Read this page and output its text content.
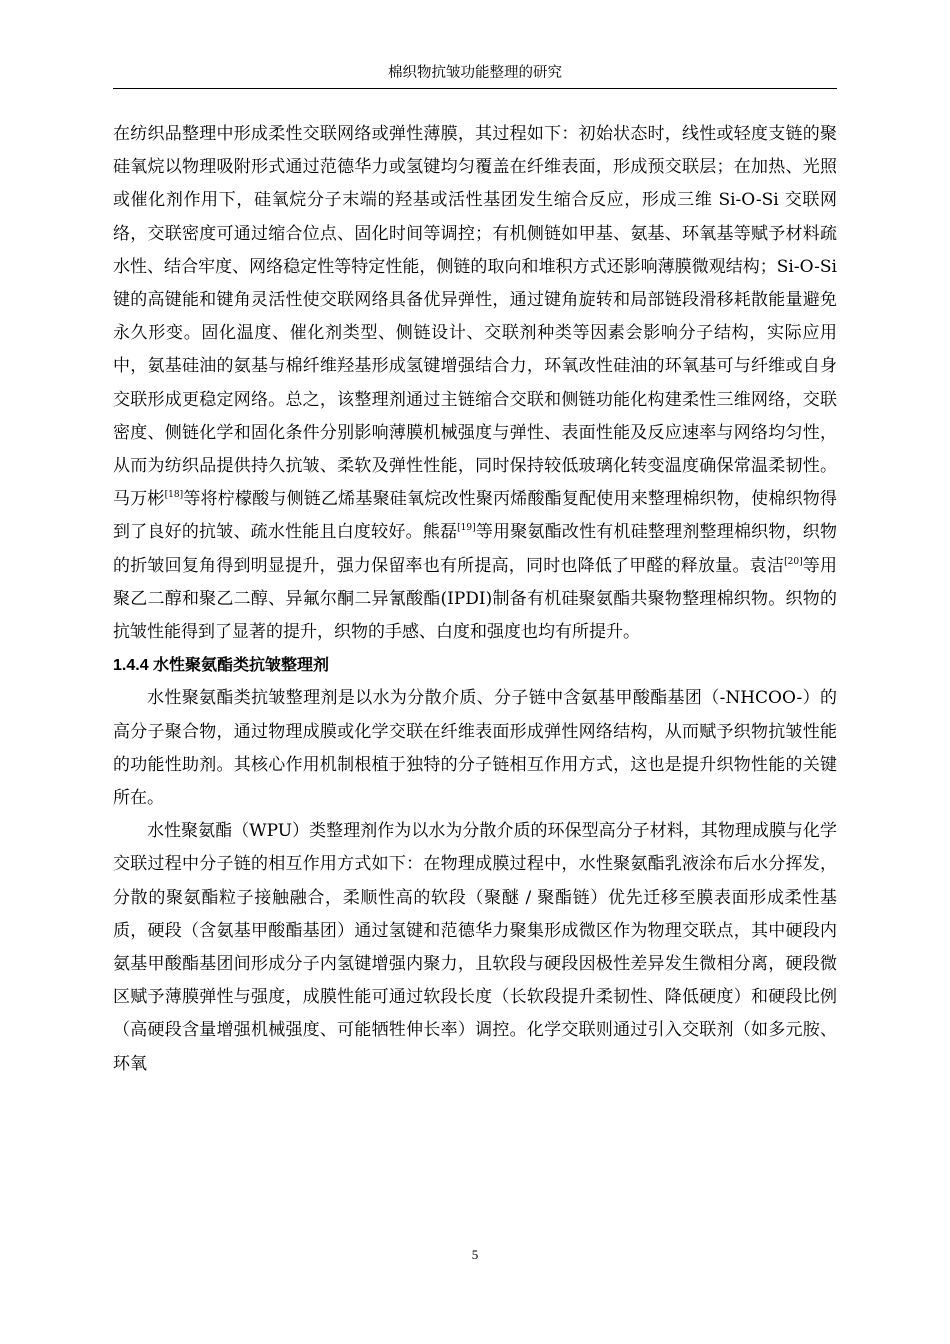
棉织物抗皱功能整理的研究

在纺织品整理中形成柔性交联网络或弹性薄膜，其过程如下：初始状态时，线性或轻度支链的聚硅氧烷以物理吸附形式通过范德华力或氢键均匀覆盖在纤维表面，形成预交联层；在加热、光照或催化剂作用下，硅氧烷分子末端的羟基或活性基团发生缩合反应，形成三维 Si-O-Si 交联网络，交联密度可通过缩合位点、固化时间等调控；有机侧链如甲基、氨基、环氧基等赋予材料疏水性、结合牢度、网络稳定性等特定性能，侧链的取向和堆积方式还影响薄膜微观结构；Si-O-Si 键的高键能和键角灵活性使交联网络具备优异弹性，通过键角旋转和局部链段滑移耗散能量避免永久形变。固化温度、催化剂类型、侧链设计、交联剂种类等因素会影响分子结构，实际应用中，氨基硅油的氨基与棉纤维羟基形成氢键增强结合力，环氧改性硅油的环氧基可与纤维或自身交联形成更稳定网络。总之，该整理剂通过主链缩合交联和侧链功能化构建柔性三维网络，交联密度、侧链化学和固化条件分别影响薄膜机械强度与弹性、表面性能及反应速率与网络均匀性，从而为纺织品提供持久抗皱、柔软及弹性性能，同时保持较低玻璃化转变温度确保常温柔韧性。马万彬[18]等将柠檬酸与侧链乙烯基聚硅氧烷改性聚丙烯酸酯复配使用来整理棉织物，使棉织物得到了良好的抗皱、疏水性能且白度较好。熊磊[19]等用聚氨酯改性有机硅整理剂整理棉织物，织物的折皱回复角得到明显提升，强力保留率也有所提高，同时也降低了甲醛的释放量。袁洁[20]等用聚乙二醇和聚乙二醇、异氟尔酮二异氰酸酯(IPDI)制备有机硅聚氨酯共聚物整理棉织物。织物的抗皱性能得到了显著的提升，织物的手感、白度和强度也均有所提升。

1.4.4 水性聚氨酯类抗皱整理剂

水性聚氨酯类抗皱整理剂是以水为分散介质、分子链中含氨基甲酸酯基团（-NHCOO-）的高分子聚合物，通过物理成膜或化学交联在纤维表面形成弹性网络结构，从而赋予织物抗皱性能的功能性助剂。其核心作用机制根植于独特的分子链相互作用方式，这也是提升织物性能的关键所在。

水性聚氨酯（WPU）类整理剂作为以水为分散介质的环保型高分子材料，其物理成膜与化学交联过程中分子链的相互作用方式如下：在物理成膜过程中，水性聚氨酯乳液涂布后水分挥发，分散的聚氨酯粒子接触融合，柔顺性高的软段（聚醚 / 聚酯链）优先迁移至膜表面形成柔性基质，硬段（含氨基甲酸酯基团）通过氢键和范德华力聚集形成微区作为物理交联点，其中硬段内氨基甲酸酯基团间形成分子内氢键增强内聚力，且软段与硬段因极性差异发生微相分离，硬段微区赋予薄膜弹性与强度，成膜性能可通过软段长度（长软段提升柔韧性、降低硬度）和硬段比例（高硬段含量增强机械强度、可能牺牲伸长率）调控。化学交联则通过引入交联剂（如多元胺、环氧

5
